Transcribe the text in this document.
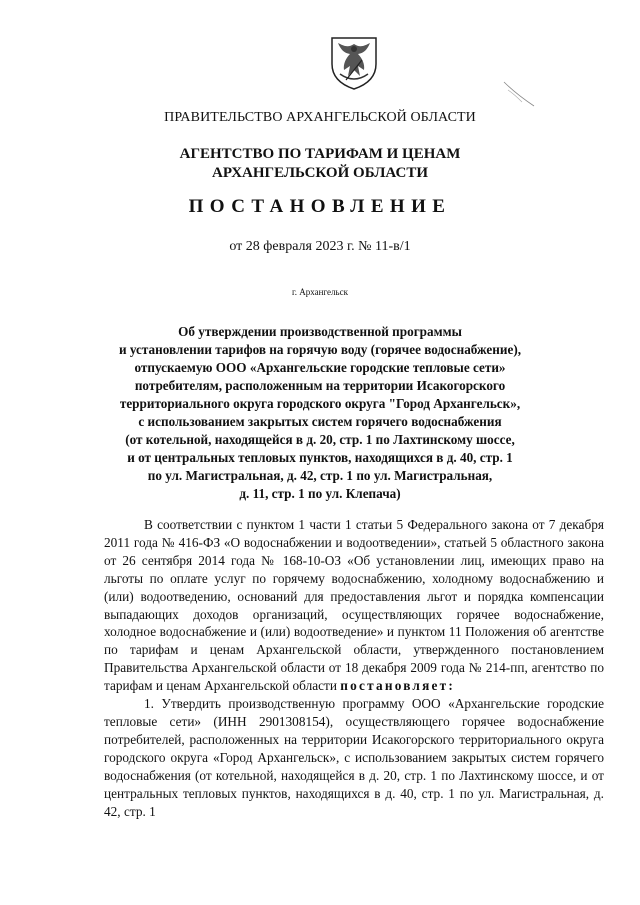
ПРАВИТЕЛЬСТВО АРХАНГЕЛЬСКОЙ ОБЛАСТИ
АГЕНТСТВО ПО ТАРИФАМ И ЦЕНАМ
АРХАНГЕЛЬСКОЙ ОБЛАСТИ
ПОСТАНОВЛЕНИЕ
от 28 февраля 2023 г. № 11-в/1
г. Архангельск
Об утверждении производственной программы
и установлении тарифов на горячую воду (горячее водоснабжение),
отпускаемую ООО «Архангельские городские тепловые сети»
потребителям, расположенным на территории Исакогорского
территориального округа городского округа "Город Архангельск»,
с использованием закрытых систем горячего водоснабжения
(от котельной, находящейся в д. 20, стр. 1 по Лахтинскому шоссе,
и от центральных тепловых пунктов, находящихся в д. 40, стр. 1
по ул. Магистральная, д. 42, стр. 1 по ул. Магистральная,
д. 11, стр. 1 по ул. Клепача)

В соответствии с пунктом 1 части 1 статьи 5 Федерального закона от 7 декабря 2011 года № 416-ФЗ «О водоснабжении и водоотведении», статьей 5 областного закона от 26 сентября 2014 года № 168-10-ОЗ «Об установлении лиц, имеющих право на льготы по оплате услуг по горячему водоснабжению, холодному водоснабжению и (или) водоотведению, оснований для предоставления льгот и порядка компенсации выпадающих доходов организаций, осуществляющих горячее водоснабжение, холодное водоснабжение и (или) водоотведение» и пунктом 11 Положения об агентстве по тарифам и ценам Архангельской области, утвержденного постановлением Правительства Архангельской области от 18 декабря 2009 года № 214-пп, агентство по тарифам и ценам Архангельской области постановляет:

1. Утвердить производственную программу ООО «Архангельские городские тепловые сети» (ИНН 2901308154), осуществляющего горячее водоснабжение потребителей, расположенных на территории Исакогорского территориального округа городского округа «Город Архангельск», с использованием закрытых систем горячего водоснабжения (от котельной, находящейся в д. 20, стр. 1 по Лахтинскому шоссе, и от центральных тепловых пунктов, находящихся в д. 40, стр. 1 по ул. Магистральная, д. 42, стр. 1
